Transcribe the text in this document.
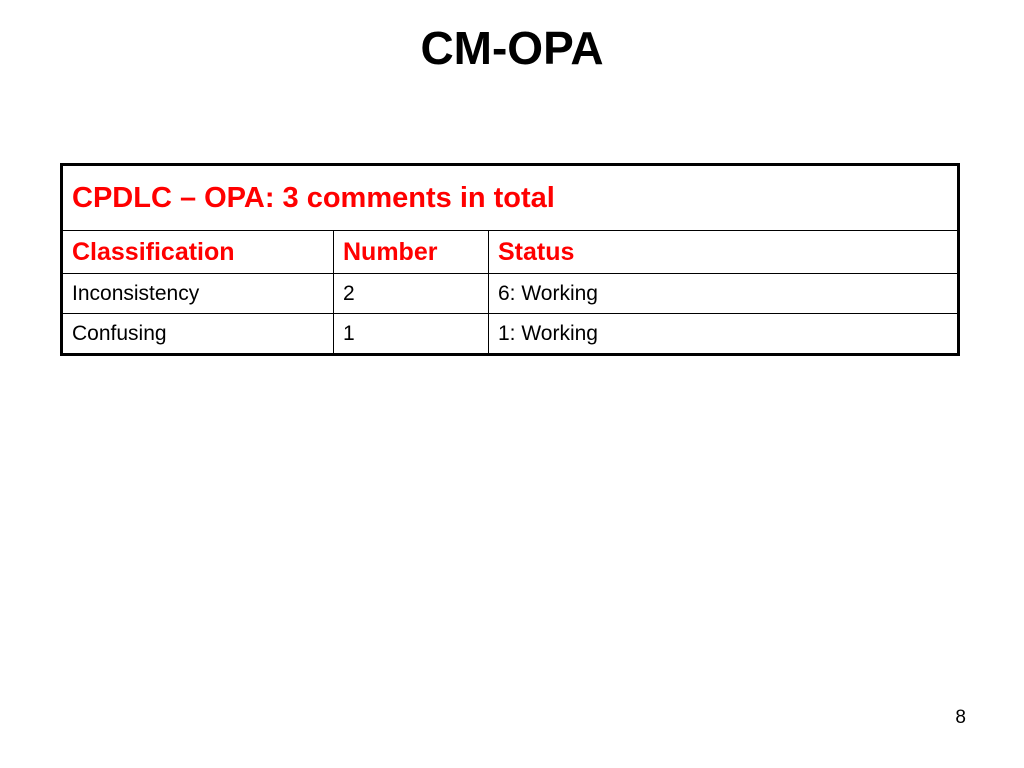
CM-OPA
CPDLC – OPA: 3 comments in total		
Classification	Number	Status
Inconsistency	2	6: Working
Confusing	1	1: Working
8
